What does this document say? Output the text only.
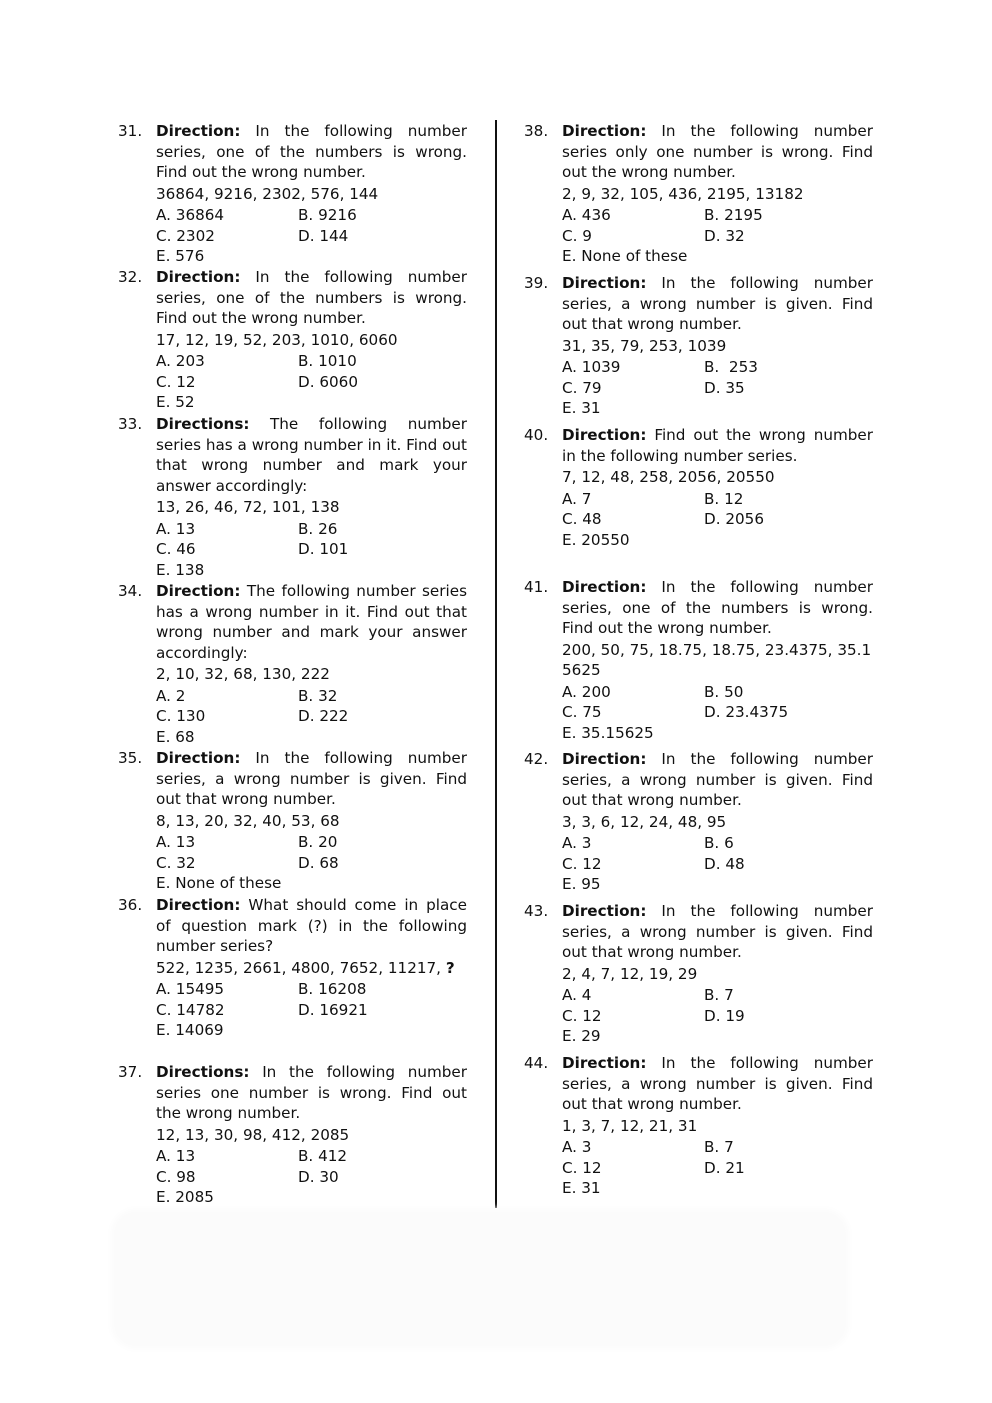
31. Direction: In the following number series, one of the numbers is wrong. Find out the wrong number.
36864, 9216, 2302, 576, 144
A. 36864	B. 9216
C. 2302	D. 144
E. 576
32. Direction: In the following number series, one of the numbers is wrong. Find out the wrong number.
17, 12, 19, 52, 203, 1010, 6060
A. 203	B. 1010
C. 12	D. 6060
E. 52
33. Directions: The following number series has a wrong number in it. Find out that wrong number and mark your answer accordingly:
13, 26, 46, 72, 101, 138
A. 13	B. 26
C. 46	D. 101
E. 138
34. Direction: The following number series has a wrong number in it. Find out that wrong number and mark your answer accordingly:
2, 10, 32, 68, 130, 222
A. 2	B. 32
C. 130	D. 222
E. 68
35. Direction: In the following number series, a wrong number is given. Find out that wrong number.
8, 13, 20, 32, 40, 53, 68
A. 13	B. 20
C. 32	D. 68
E. None of these
36. Direction: What should come in place of question mark (?) in the following number series?
522, 1235, 2661, 4800, 7652, 11217, ?
A. 15495	B. 16208
C. 14782	D. 16921
E. 14069
37. Directions: In the following number series one number is wrong. Find out the wrong number.
12, 13, 30, 98, 412, 2085
A. 13	B. 412
C. 98	D. 30
E. 2085
38. Direction: In the following number series only one number is wrong. Find out the wrong number.
2, 9, 32, 105, 436, 2195, 13182
A. 436	B. 2195
C. 9	D. 32
E. None of these
39. Direction: In the following number series, a wrong number is given. Find out that wrong number.
31, 35, 79, 253, 1039
A. 1039	B.  253
C. 79	D. 35
E. 31
40. Direction: Find out the wrong number in the following number series.
7, 12, 48, 258, 2056, 20550
A. 7	B. 12
C. 48	D. 2056
E. 20550
41. Direction: In the following number series, one of the numbers is wrong. Find out the wrong number.
200, 50, 75, 18.75, 18.75, 23.4375, 35.15625
A. 200	B. 50
C. 75	D. 23.4375
E. 35.15625
42. Direction: In the following number series, a wrong number is given. Find out that wrong number.
3, 3, 6, 12, 24, 48, 95
A. 3	B. 6
C. 12	D. 48
E. 95
43. Direction: In the following number series, a wrong number is given. Find out that wrong number.
2, 4, 7, 12, 19, 29
A. 4	B. 7
C. 12	D. 19
E. 29
44. Direction: In the following number series, a wrong number is given. Find out that wrong number.
1, 3, 7, 12, 21, 31
A. 3	B. 7
C. 12	D. 21
E. 31
